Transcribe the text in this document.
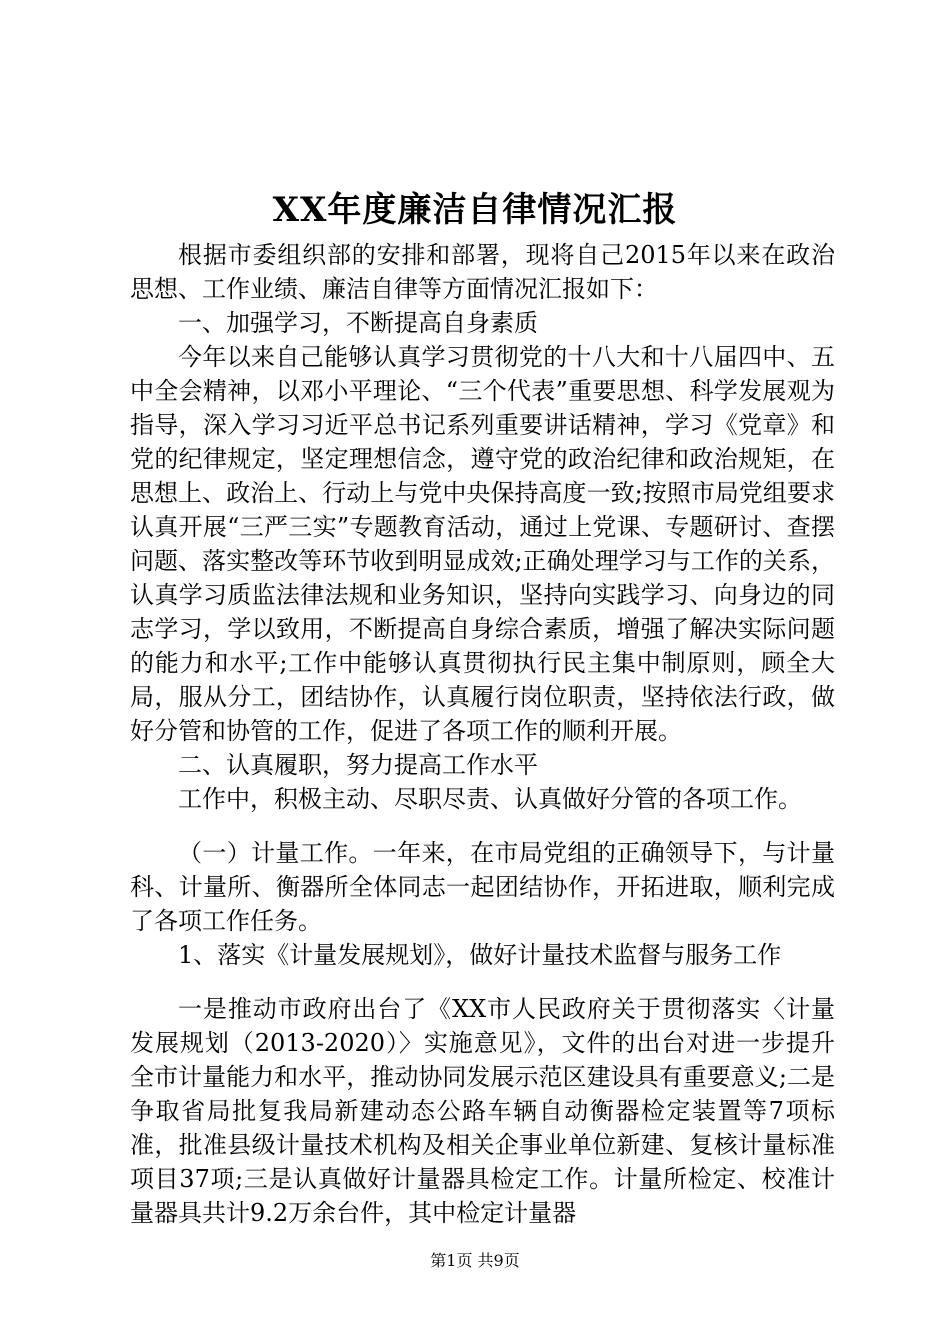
XX年度廉洁自律情况汇报

根据市委组织部的安排和部署，现将自己2015年以来在政治思想、工作业绩、廉洁自律等方面情况汇报如下：

一、加强学习，不断提高自身素质

今年以来自己能够认真学习贯彻党的十八大和十八届四中、五中全会精神，以邓小平理论、“三个代表”重要思想、科学发展观为指导，深入学习习近平总书记系列重要讲话精神，学习《党章》和党的纪律规定，坚定理想信念，遵守党的政治纪律和政治规矩，在思想上、政治上、行动上与党中央保持高度一致;按照市局党组要求认真开展“三严三实”专题教育活动，通过上党课、专题研讨、查摆问题、落实整改等环节收到明显成效;正确处理学习与工作的关系，认真学习质监法律法规和业务知识，坚持向实践学习、向身边的同志学习，学以致用，不断提高自身综合素质，增强了解决实际问题的能力和水平;工作中能够认真贯彻执行民主集中制原则，顾全大局，服从分工，团结协作，认真履行岗位职责，坚持依法行政，做好分管和协管的工作，促进了各项工作的顺利开展。

二、认真履职，努力提高工作水平

工作中，积极主动、尽职尽责、认真做好分管的各项工作。

（一）计量工作。一年来，在市局党组的正确领导下，与计量科、计量所、衡器所全体同志一起团结协作，开拓进取，顺利完成了各项工作任务。

1、落实《计量发展规划》，做好计量技术监督与服务工作

一是推动市政府出台了《XX市人民政府关于贯彻落实〈计量发展规划（2013-2020）〉实施意见》，文件的出台对进一步提升全市计量能力和水平，推动协同发展示范区建设具有重要意义;二是争取省局批复我局新建动态公路车辆自动衡器检定装置等7项标准，批准县级计量技术机构及相关企事业单位新建、复核计量标准项目37项;三是认真做好计量器具检定工作。计量所检定、校准计量器具共计9.2万余台件，其中检定计量器

第1页 共9页
